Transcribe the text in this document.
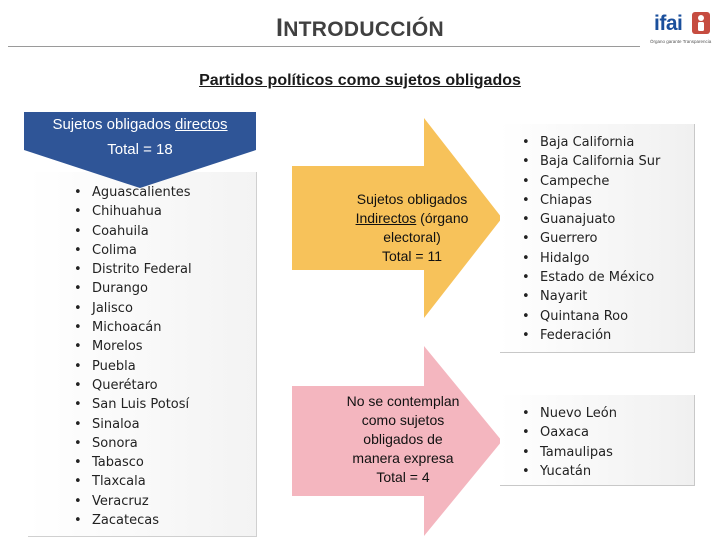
INTRODUCCIÓN	ifai
Órgano garante Transparencia
Partidos políticos como sujetos obligados
Sujetos obligados directos
Total = 18
• Aguascalientes
• Chihuahua
• Coahuila
• Colima
• Distrito Federal
• Durango
• Jalisco
• Michoacán
• Morelos
• Puebla
• Querétaro
• San Luis Potosí
• Sinaloa
• Sonora
• Tabasco
• Tlaxcala
• Veracruz
• Zacatecas
Sujetos obligados
Indirectos (órgano
electoral)
Total = 11
No se contemplan
como sujetos
obligados de
manera expresa
Total = 4
• Baja California
• Baja California Sur
• Campeche
• Chiapas
• Guanajuato
• Guerrero
• Hidalgo
• Estado de México
• Nayarit
• Quintana Roo
• Federación
• Nuevo León
• Oaxaca
• Tamaulipas
• Yucatán
